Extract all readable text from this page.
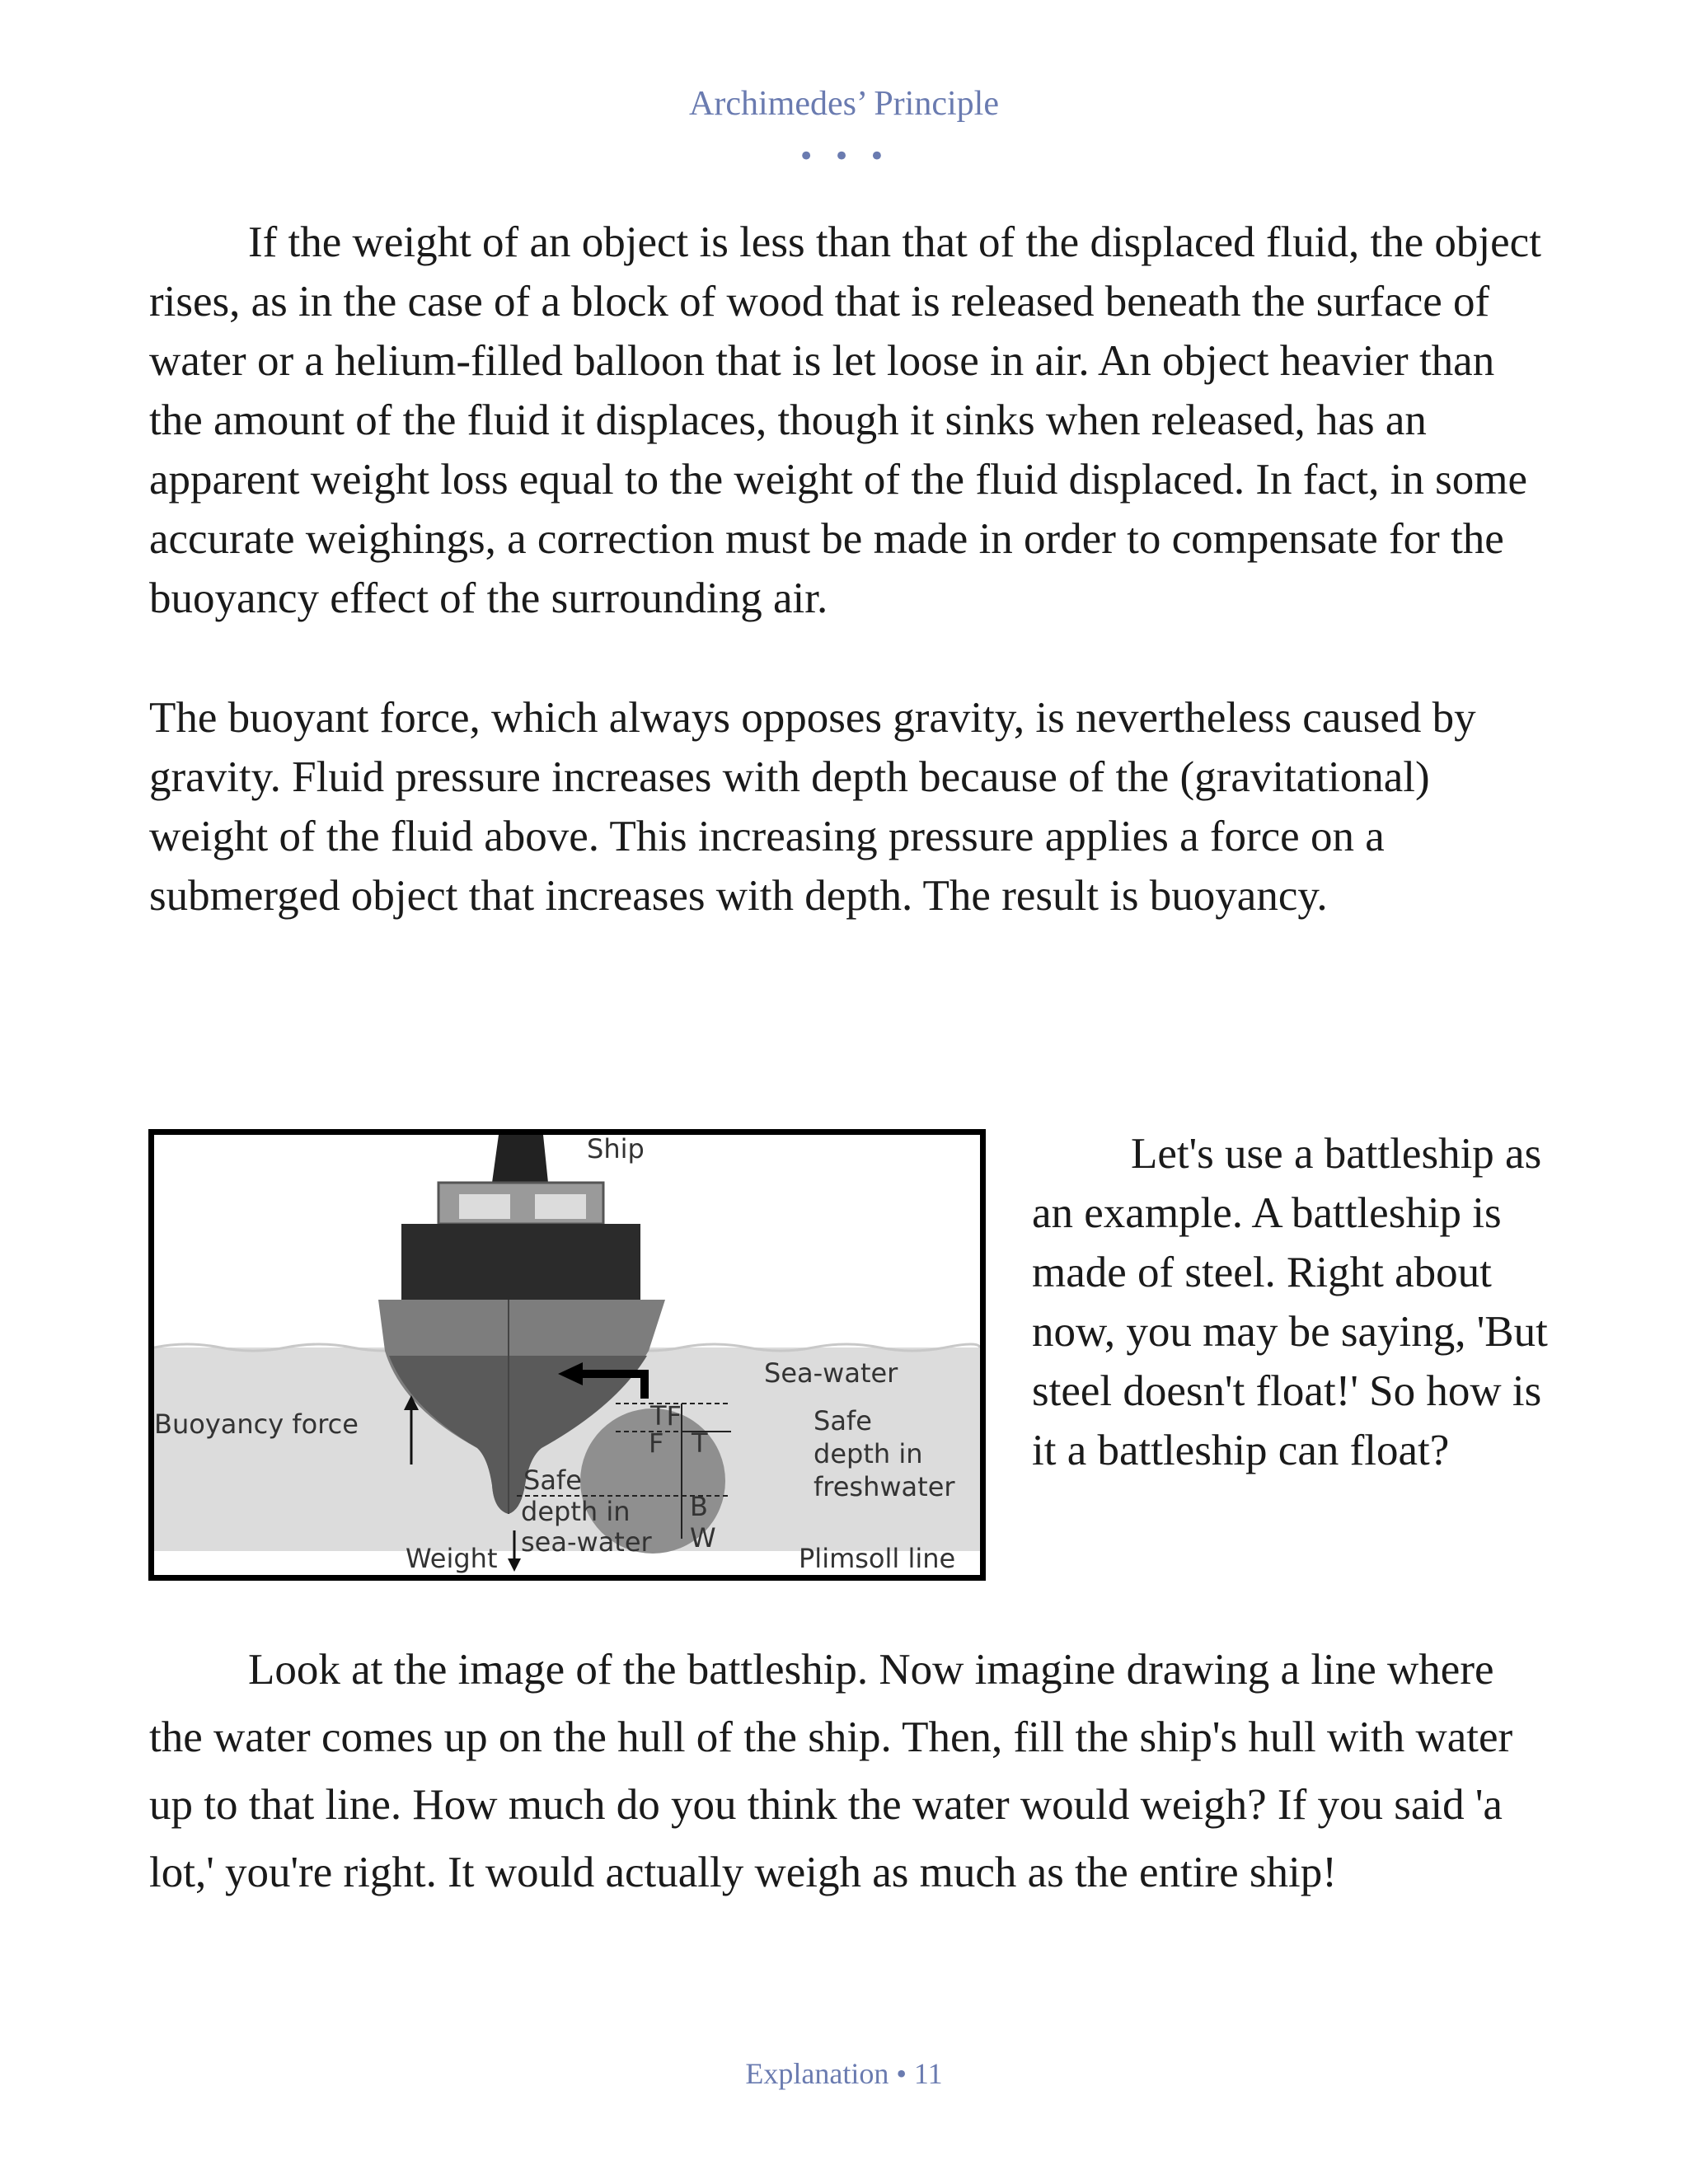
Archimedes’ Principle
• • •

If the weight of an object is less than that of the displaced fluid, the object rises, as in the case of a block of wood that is released beneath the surface of water or a helium-filled balloon that is let loose in air. An object heavier than the amount of the fluid it displaces, though it sinks when released, has an apparent weight loss equal to the weight of the fluid displaced. In fact, in some accurate weighings, a correction must be made in order to compensate for the buoyancy effect of the surrounding air.

The buoyant force, which always opposes gravity, is nevertheless caused by gravity. Fluid pressure increases with depth because of the (gravitational) weight of the fluid above. This increasing pressure applies a force on a submerged object that increases with depth. The result is buoyancy.

Ship
Sea-water
Buoyancy force	Safe
depth in
freshwater
Safe
depth in
sea-water
Weight	Plimsoll line
TF
F T
B
W

Let's use a battleship as an example. A battleship is made of steel. Right about now, you may be saying, 'But steel doesn't float!' So how is it a battleship can float?

Look at the image of the battleship. Now imagine drawing a line where the water comes up on the hull of the ship. Then, fill the ship's hull with water up to that line. How much do you think the water would weigh? If you said 'a lot,' you're right. It would actually weigh as much as the entire ship!

Explanation • 11
